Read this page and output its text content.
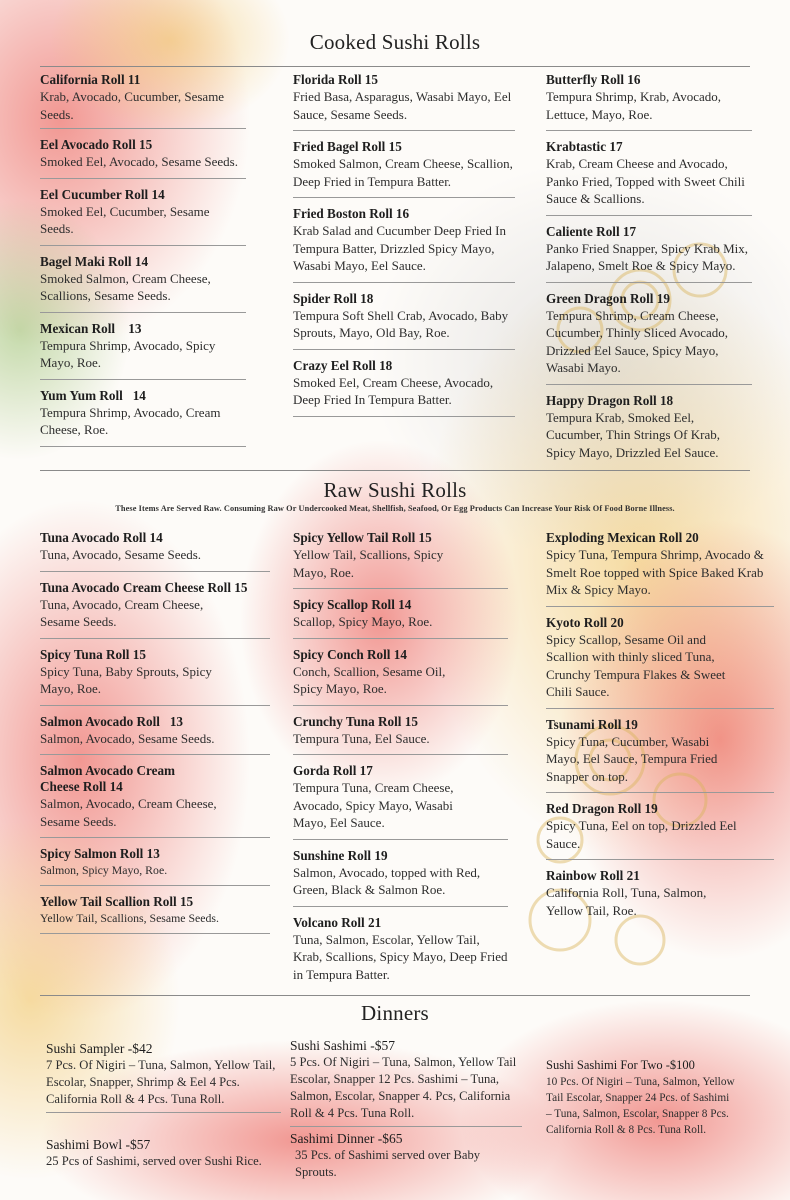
Cooked Sushi Rolls
California Roll 11
Krab, Avocado, Cucumber, Sesame Seeds.
Eel Avocado Roll 15
Smoked Eel, Avocado, Sesame Seeds.
Eel Cucumber Roll 14
Smoked Eel, Cucumber, Sesame Seeds.
Bagel Maki Roll 14
Smoked Salmon, Cream Cheese, Scallions, Sesame Seeds.
Mexican Roll    13
Tempura Shrimp, Avocado, Spicy Mayo, Roe.
Yum Yum Roll   14
Tempura Shrimp, Avocado, Cream Cheese, Roe.
Florida Roll 15
Fried Basa, Asparagus, Wasabi Mayo, Eel Sauce, Sesame Seeds.
Fried Bagel Roll 15
Smoked Salmon, Cream Cheese, Scallion, Deep Fried in Tempura Batter.
Fried Boston Roll 16
Krab Salad and Cucumber Deep Fried In Tempura Batter, Drizzled Spicy Mayo, Wasabi Mayo, Eel Sauce.
Spider Roll 18
Tempura Soft Shell Crab, Avocado, Baby Sprouts, Mayo, Old Bay, Roe.
Crazy Eel Roll 18
Smoked Eel, Cream Cheese, Avocado, Deep Fried In Tempura Batter.
Butterfly Roll 16
Tempura Shrimp, Krab, Avocado, Lettuce, Mayo, Roe.
Krabtastic 17
Krab, Cream Cheese and Avocado, Panko Fried, Topped with Sweet Chili Sauce & Scallions.
Caliente Roll 17
Panko Fried Snapper, Spicy Krab Mix, Jalapeno, Smelt Roe & Spicy Mayo.
Green Dragon Roll 19
Tempura Shrimp, Cream Cheese, Cucumber, Thinly Sliced Avocado, Drizzled Eel Sauce, Spicy Mayo, Wasabi Mayo.
Happy Dragon Roll 18
Tempura Krab, Smoked Eel, Cucumber, Thin Strings Of Krab, Spicy Mayo, Drizzled Eel Sauce.
Raw Sushi Rolls
These Items Are Served Raw. Consuming Raw Or Undercooked Meat, Shellfish, Seafood, Or Egg Products Can Increase Your Risk Of Food Borne Illness.
Tuna Avocado Roll 14
Tuna, Avocado, Sesame Seeds.
Tuna Avocado Cream Cheese Roll 15
Tuna, Avocado, Cream Cheese, Sesame Seeds.
Spicy Tuna Roll 15
Spicy Tuna, Baby Sprouts, Spicy Mayo, Roe.
Salmon Avocado Roll   13
Salmon, Avocado, Sesame Seeds.
Salmon Avocado Cream Cheese Roll 14
Salmon, Avocado, Cream Cheese, Sesame Seeds.
Spicy Salmon Roll 13
Salmon, Spicy Mayo, Roe.
Yellow Tail Scallion Roll 15
Yellow Tail, Scallions, Sesame Seeds.
Spicy Yellow Tail Roll 15
Yellow Tail, Scallions, Spicy Mayo, Roe.
Spicy Scallop Roll 14
Scallop, Spicy Mayo, Roe.
Spicy Conch Roll 14
Conch, Scallion, Sesame Oil, Spicy Mayo, Roe.
Crunchy Tuna Roll 15
Tempura Tuna, Eel Sauce.
Gorda Roll 17
Tempura Tuna, Cream Cheese, Avocado, Spicy Mayo, Wasabi Mayo, Eel Sauce.
Sunshine Roll 19
Salmon, Avocado, topped with Red, Green, Black & Salmon Roe.
Volcano Roll 21
Tuna, Salmon, Escolar, Yellow Tail, Krab, Scallions, Spicy Mayo, Deep Fried in Tempura Batter.
Exploding Mexican Roll 20
Spicy Tuna, Tempura Shrimp, Avocado & Smelt Roe topped with Spice Baked Krab Mix & Spicy Mayo.
Kyoto Roll 20
Spicy Scallop, Sesame Oil and Scallion with thinly sliced Tuna, Crunchy Tempura Flakes & Sweet Chili Sauce.
Tsunami Roll 19
Spicy Tuna, Cucumber, Wasabi Mayo, Eel Sauce, Tempura Fried Snapper on top.
Red Dragon Roll 19
Spicy Tuna, Eel on top, Drizzled Eel Sauce.
Rainbow Roll 21
California Roll, Tuna, Salmon, Yellow Tail, Roe.
Dinners
Sushi Sampler -$42
7 Pcs. Of Nigiri – Tuna, Salmon, Yellow Tail, Escolar, Snapper, Shrimp & Eel 4 Pcs. California Roll & 4 Pcs. Tuna Roll.
Sashimi Bowl -$57
25 Pcs of Sashimi, served over Sushi Rice.
Sushi Sashimi -$57
5 Pcs. Of Nigiri – Tuna, Salmon, Yellow Tail Escolar, Snapper 12 Pcs. Sashimi – Tuna, Salmon, Escolar, Snapper 4. Pcs, California Roll & 4 Pcs. Tuna Roll.
Sashimi Dinner -$65
35 Pcs. of Sashimi served over Baby Sprouts.
Sushi Sashimi For Two -$100
10 Pcs. Of Nigiri – Tuna, Salmon, Yellow Tail Escolar, Snapper 24 Pcs. of Sashimi – Tuna, Salmon, Escolar, Snapper 8 Pcs. California Roll & 8 Pcs. Tuna Roll.
